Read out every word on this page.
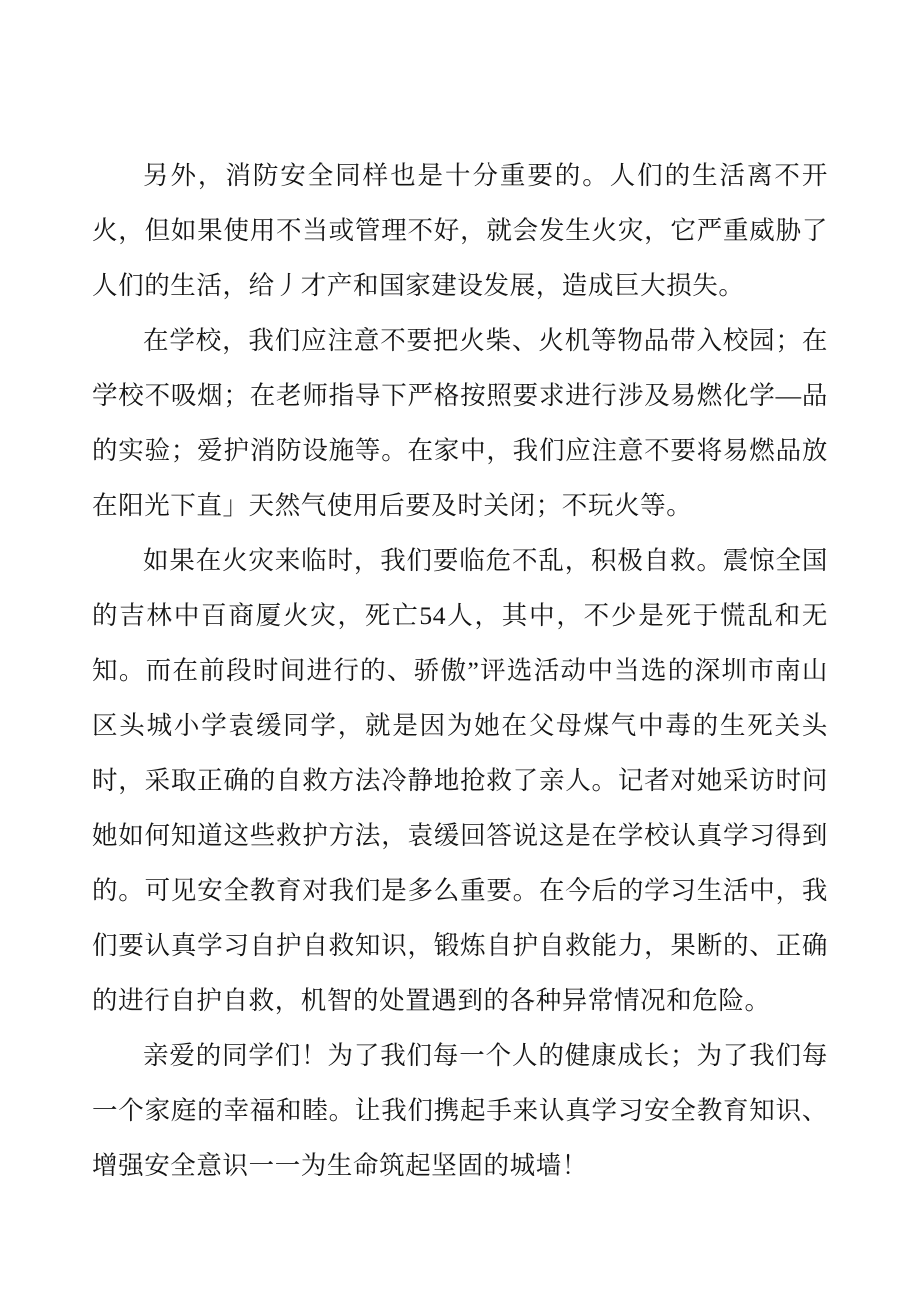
另外，消防安全同样也是十分重要的。人们的生活离不开火，但如果使用不当或管理不好，就会发生火灾，它严重威胁了人们的生活，给丿才产和国家建设发展，造成巨大损失。

在学校，我们应注意不要把火柴、火机等物品带入校园；在学校不吸烟；在老师指导下严格按照要求进行涉及易燃化学—品的实验；爱护消防设施等。在家中，我们应注意不要将易燃品放在阳光下直」天然气使用后要及时关闭；不玩火等。

如果在火灾来临时，我们要临危不乱，积极自救。震惊全国的吉林中百商厦火灾，死亡54人，其中，不少是死于慌乱和无知。而在前段时间进行的、骄傲”评选活动中当选的深圳市南山区头城小学袁缓同学，就是因为她在父母煤气中毒的生死关头时，采取正确的自救方法冷静地抢救了亲人。记者对她采访时问她如何知道这些救护方法，袁缓回答说这是在学校认真学习得到的。可见安全教育对我们是多么重要。在今后的学习生活中，我们要认真学习自护自救知识，锻炼自护自救能力，果断的、正确的进行自护自救，机智的处置遇到的各种异常情况和危险。

亲爱的同学们！为了我们每一个人的健康成长；为了我们每一个家庭的幸福和睦。让我们携起手来认真学习安全教育知识、增强安全意识一一为生命筑起坚固的城墙！
